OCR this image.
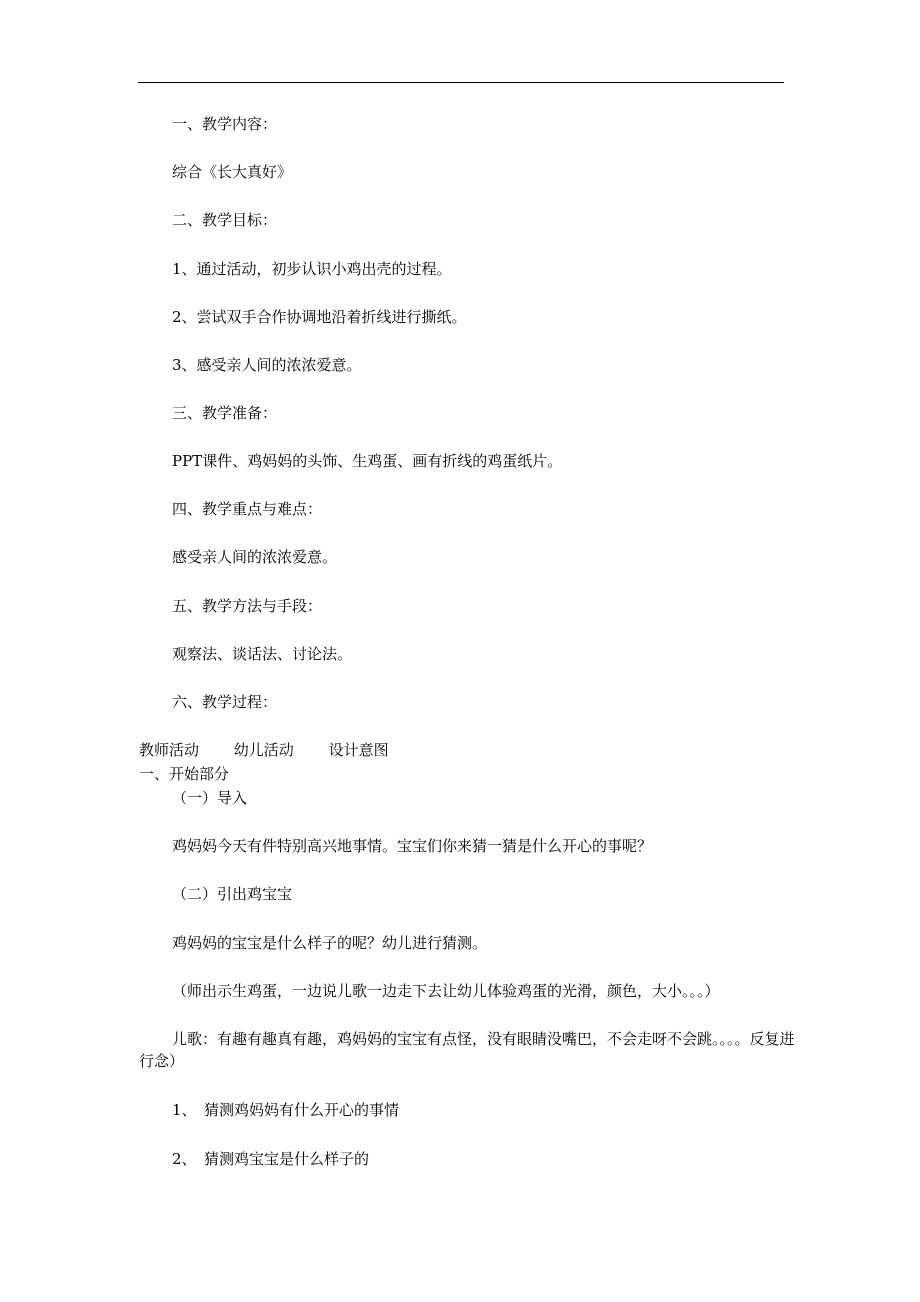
一、教学内容：
综合《长大真好》
二、教学目标：
1、通过活动，初步认识小鸡出壳的过程。
2、尝试双手合作协调地沿着折线进行撕纸。
3、感受亲人间的浓浓爱意。
三、教学准备：
PPT课件、鸡妈妈的头饰、生鸡蛋、画有折线的鸡蛋纸片。
四、教学重点与难点：
感受亲人间的浓浓爱意。
五、教学方法与手段：
观察法、谈话法、讨论法。
六、教学过程：
教师活动 幼儿活动 设计意图
一、开始部分
（一）导入
鸡妈妈今天有件特别高兴地事情。宝宝们你来猜一猜是什么开心的事呢？
（二）引出鸡宝宝
鸡妈妈的宝宝是什么样子的呢？幼儿进行猜测。
（师出示生鸡蛋，一边说儿歌一边走下去让幼儿体验鸡蛋的光滑，颜色，大小。。。）
儿歌：有趣有趣真有趣，鸡妈妈的宝宝有点怪，没有眼睛没嘴巴，不会走呀不会跳。。。。反复进行念）
1、　猜测鸡妈妈有什么开心的事情
2、　猜测鸡宝宝是什么样子的
